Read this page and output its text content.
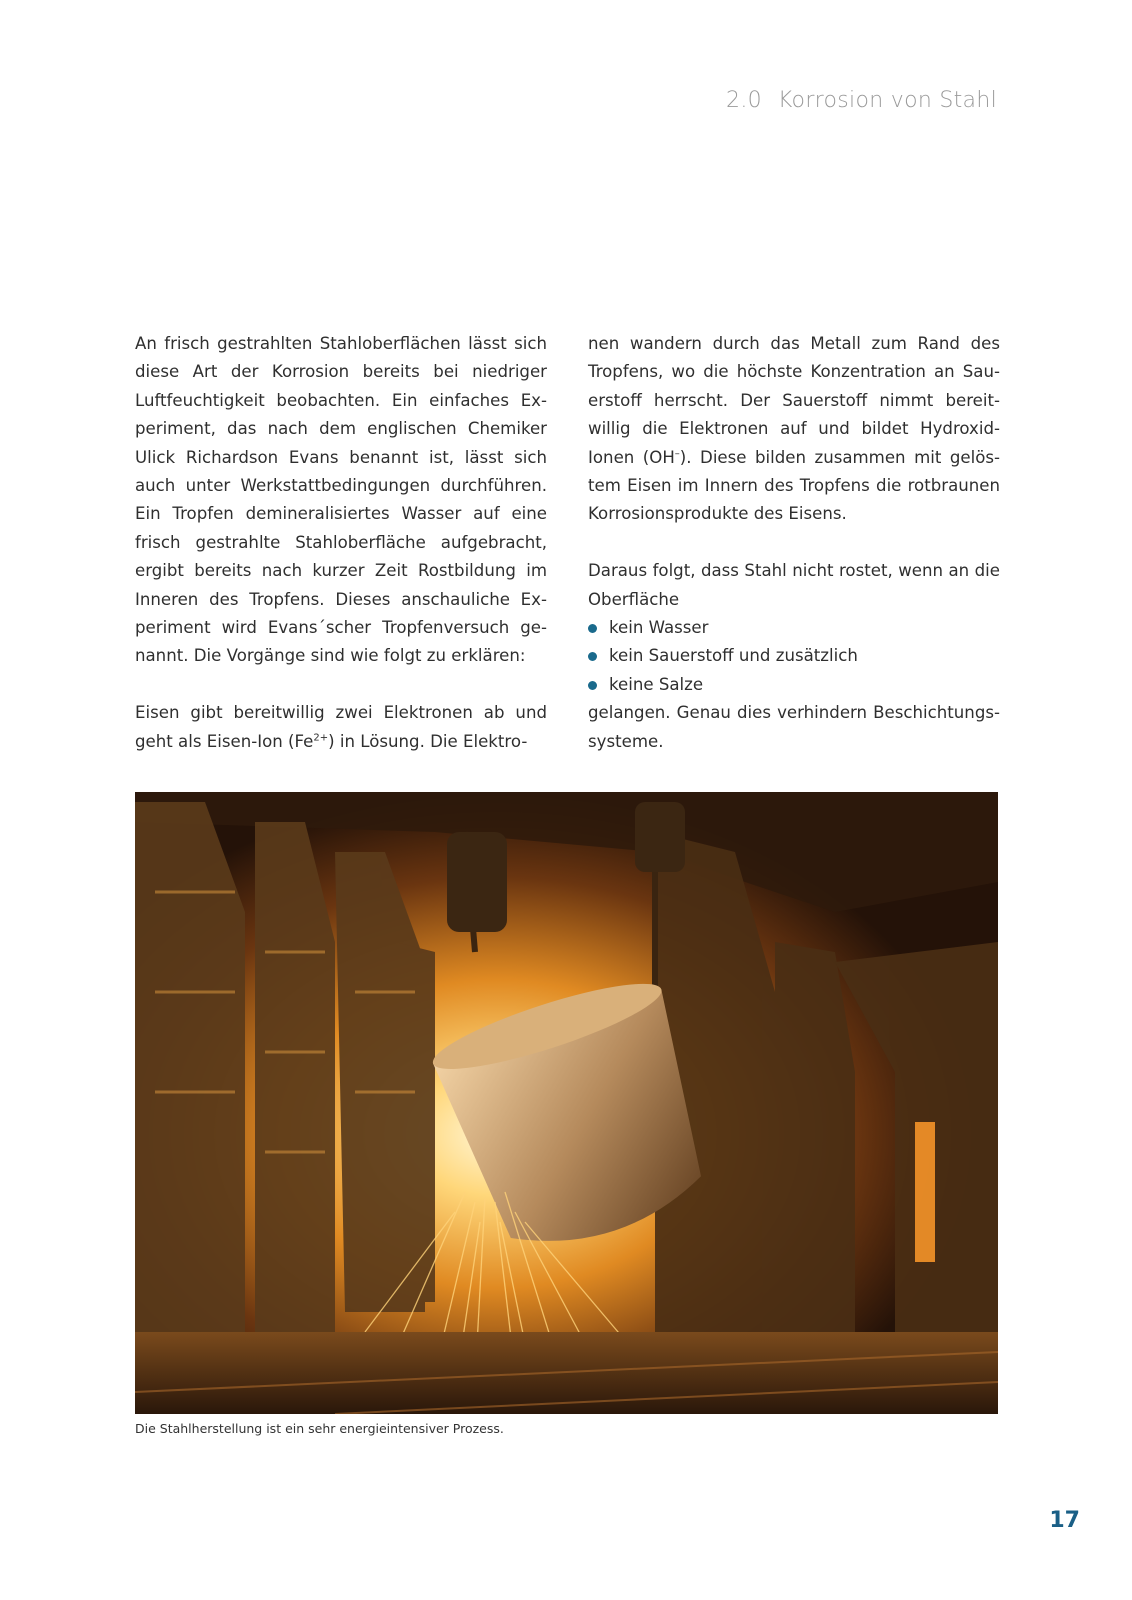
2.0 Korrosion von Stahl

An frisch gestrahlten Stahloberflächen lässt sich diese Art der Korrosion bereits bei niedriger Luftfeuchtigkeit beobachten. Ein einfaches Experiment, das nach dem englischen Chemiker Ulick Richardson Evans benannt ist, lässt sich auch unter Werkstattbedingungen durchführen. Ein Tropfen demineralisiertes Wasser auf eine frisch gestrahlte Stahloberfläche aufgebracht, ergibt bereits nach kurzer Zeit Rostbildung im Inneren des Tropfens. Dieses anschauliche Experiment wird Evans´scher Tropfenversuch genannt. Die Vorgänge sind wie folgt zu erklären:

Eisen gibt bereitwillig zwei Elektronen ab und geht als Eisen-Ion $(Fe^{2+})$ in Lösung. Die Elektro-

nen wandern durch das Metall zum Rand des Tropfens, wo die höchste Konzentration an Sauerstoff herrscht. Der Sauerstoff nimmt bereitwillig die Elektronen auf und bildet Hydroxid-Ionen (OH–). Diese bilden zusammen mit gelöstem Eisen im Innern des Tropfens die rotbraunen Korrosionsprodukte des Eisens.

Daraus folgt, dass Stahl nicht rostet, wenn an die Oberfläche

kein Wasser
kein Sauerstoff und zusätzlich
keine Salze

gelangen. Genau dies verhindern Beschichtungssysteme.

Die Stahlherstellung ist ein sehr energieintensiver Prozess.
17
